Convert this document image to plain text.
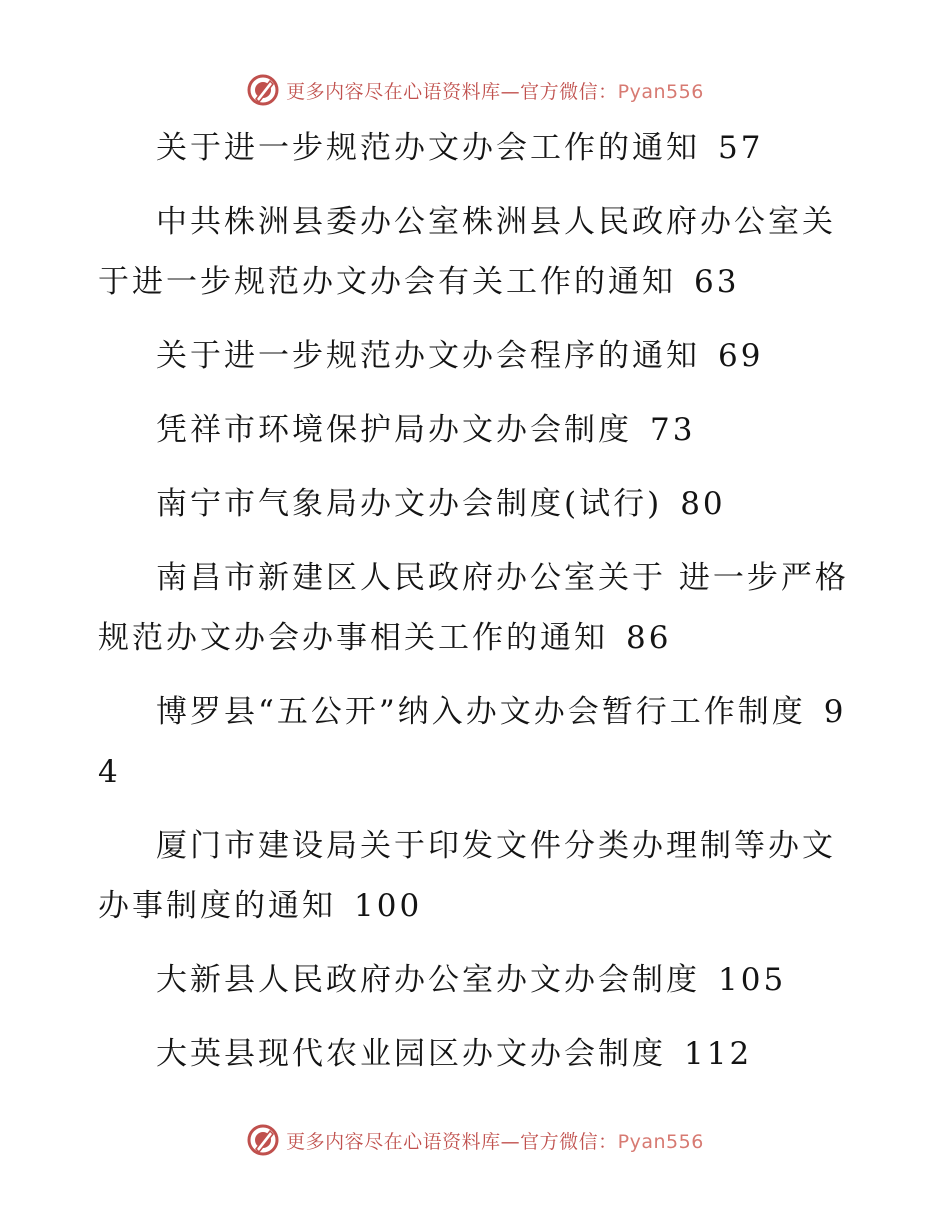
更多内容尽在心语资料库—官方微信：Pyan556
关于进一步规范办文办会工作的通知 57
中共株洲县委办公室株洲县人民政府办公室关于进一步规范办文办会有关工作的通知 63
关于进一步规范办文办会程序的通知 69
凭祥市环境保护局办文办会制度 73
南宁市气象局办文办会制度(试行) 80
南昌市新建区人民政府办公室关于 进一步严格规范办文办会办事相关工作的通知 86
博罗县“五公开”纳入办文办会暂行工作制度 94
厦门市建设局关于印发文件分类办理制等办文办事制度的通知 100
大新县人民政府办公室办文办会制度 105
大英县现代农业园区办文办会制度 112
更多内容尽在心语资料库—官方微信：Pyan556
